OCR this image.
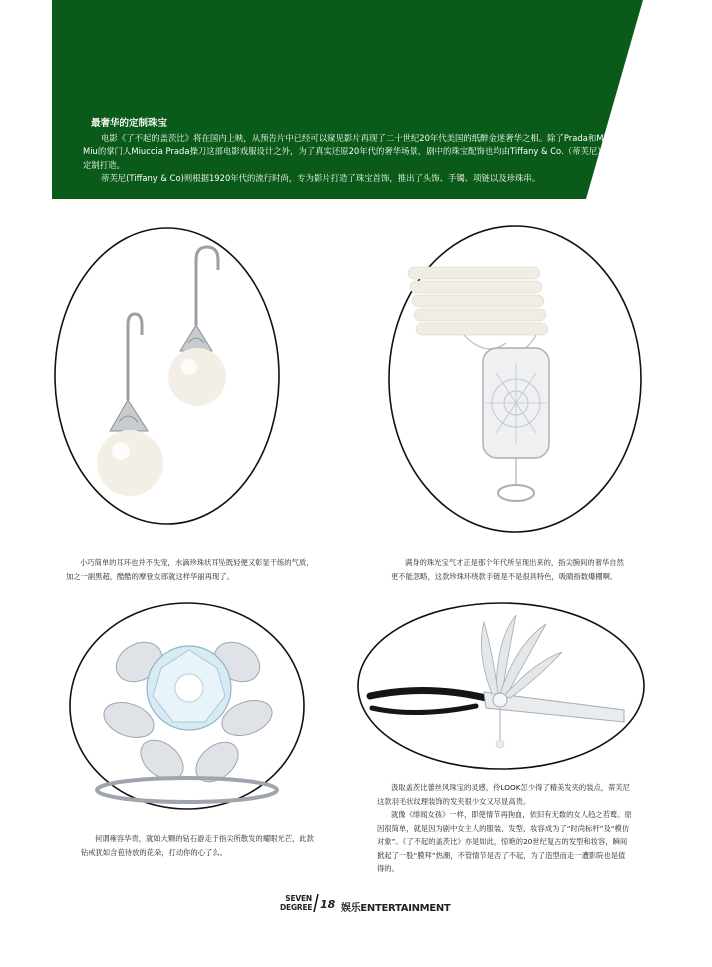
最奢华的定制珠宝

电影《了不起的盖茨比》将在国内上映，从预告片中已经可以窥见影片再现了二十世纪20年代美国的纸醉金迷奢华之相。除了Prada和Miu Miu的掌门人Miuccia Prada操刀这部电影戏服设计之外，为了真实还原20年代的奢华场景，剧中的珠宝配饰也均由Tiffany & Co.（蒂芙尼）定制打造。

蒂芙尼(Tiffany & Co)则根据1920年代的流行时尚，专为影片打造了珠宝首饰，推出了头饰、手镯、项链以及珍珠串。

小巧简单的耳环也并不失宠，水滴珍珠状耳坠既轻便又彰显干练的气质，加之一副黑超，酷酷的摩登女郎就这样华丽再现了。

满身的珠光宝气才正是那个年代所呈现出来的，指尖腕间的奢华自然更不能忽略，这款珍珠环绕款手链是不是很具特色，吸睛指数爆棚啊。

何谓雍容华贵，就如大颗的钻石游走于指尖所散发的耀眼光芒，此款钻戒犹如含苞待放的花朵，打动你的心了么。

汲取盖茨比蕾丝风珠宝的灵感，伶LOOK怎少得了精美发夹的装点，蒂芙尼这款羽毛状纹理装饰的发夹很少女又尽显高贵。

就像《绯闻女孩》一样，即使情节再狗血，依旧有无数的女人趋之若鹜。原因很简单，就是因为剧中女主人的服装、发型、妆容成为了“时尚标杆”及“模仿对象”。《了不起的盖茨比》亦是如此，惊艳的20世纪复古的发型和妆容，瞬间掀起了一股“膜拜”热潮，不管情节是否了不起，为了造型而走一遭影院也是值得的。

SEVEN
DEGREE 18 娱乐ENTERTAINMENT
